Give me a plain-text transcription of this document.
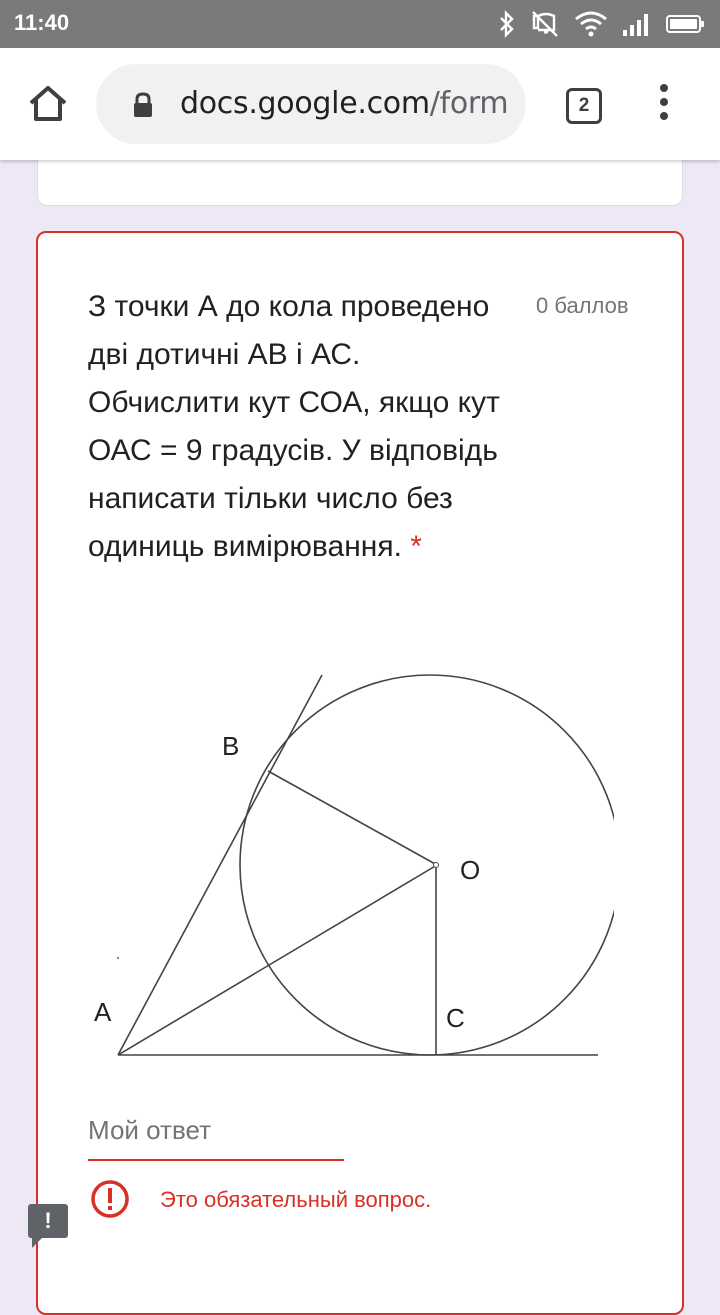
11:40
docs.google.com/form	2
З точки А до кола проведено дві дотичні АВ і АС. Обчислити кут СОА, якщо кут ОАС = 9 градусів. У відповідь написати тільки число без одиниць вимірювання. *
0 баллов
B
O
A	C
Мой ответ
Это обязательный вопрос.
!
